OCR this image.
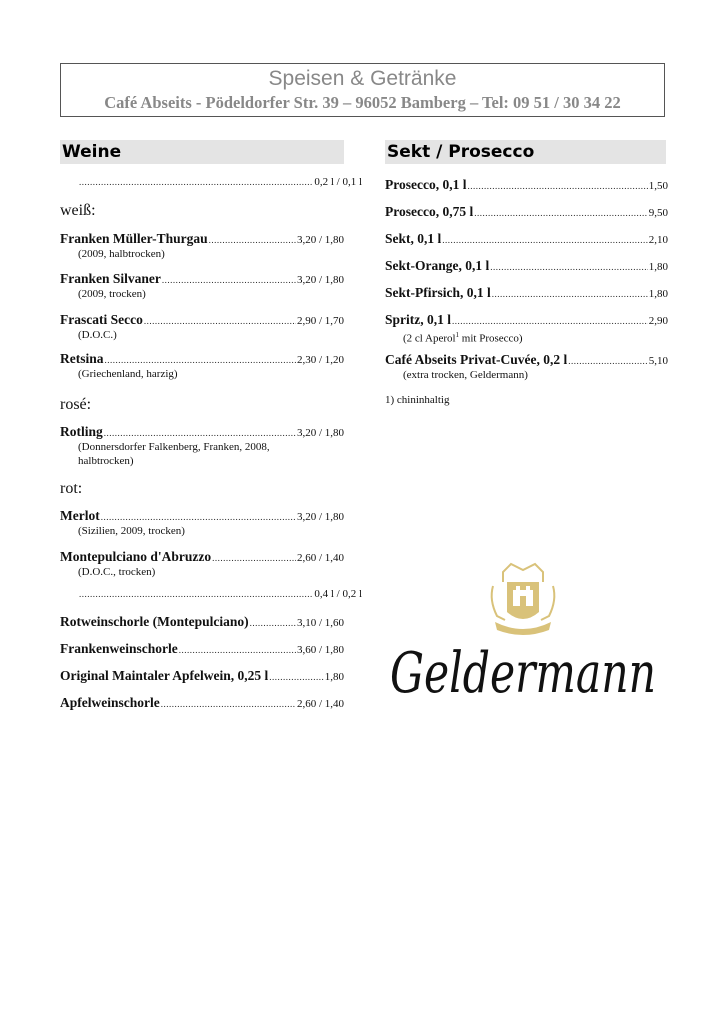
Speisen & Getränke
Café Abseits - Pödeldorfer Str. 39 – 96052 Bamberg – Tel: 09 51 / 30 34 22
Weine	Sekt / Prosecco
.....
0,2 l / 0,1 l
weiß:
Franken Müller-Thurgau .....	3,20 / 1,80
(2009, halbtrocken)
Franken Silvaner .....	3,20 / 1,80
(2009, trocken)
Frascati Secco .....	2,90 / 1,70
(D.O.C.)
Retsina .....	2,30 / 1,20
(Griechenland, harzig)
rosé:
Rotling .....	3,20 / 1,80
(Donnersdorfer Falkenberg, Franken, 2008,
halbtrocken)
rot:
Merlot .....	3,20 / 1,80
(Sizilien, 2009, trocken)
Montepulciano d'Abruzzo .....	2,60 / 1,40
(D.O.C., trocken)
.....
0,4 l / 0,2 l
Rotweinschorle (Montepulciano) .....	3,10 / 1,60
Frankenweinschorle .....	3,60 / 1,80
Original Maintaler Apfelwein, 0,25 l .....	1,80
Apfelweinschorle .....	2,60 / 1,40
Prosecco, 0,1 l .....	1,50
Prosecco, 0,75 l .....	9,50
Sekt, 0,1 l .....	2,10
Sekt-Orange, 0,1 l .....	1,80
Sekt-Pfirsich, 0,1 l .....	1,80
Spritz, 0,1 l .....	2,90
(2 cl Aperol$^1$ mit Prosecco)
Café Abseits Privat-Cuvée, 0,2 l .....	5,10
(extra trocken, Geldermann)
1) chininhaltig
Geldermann
